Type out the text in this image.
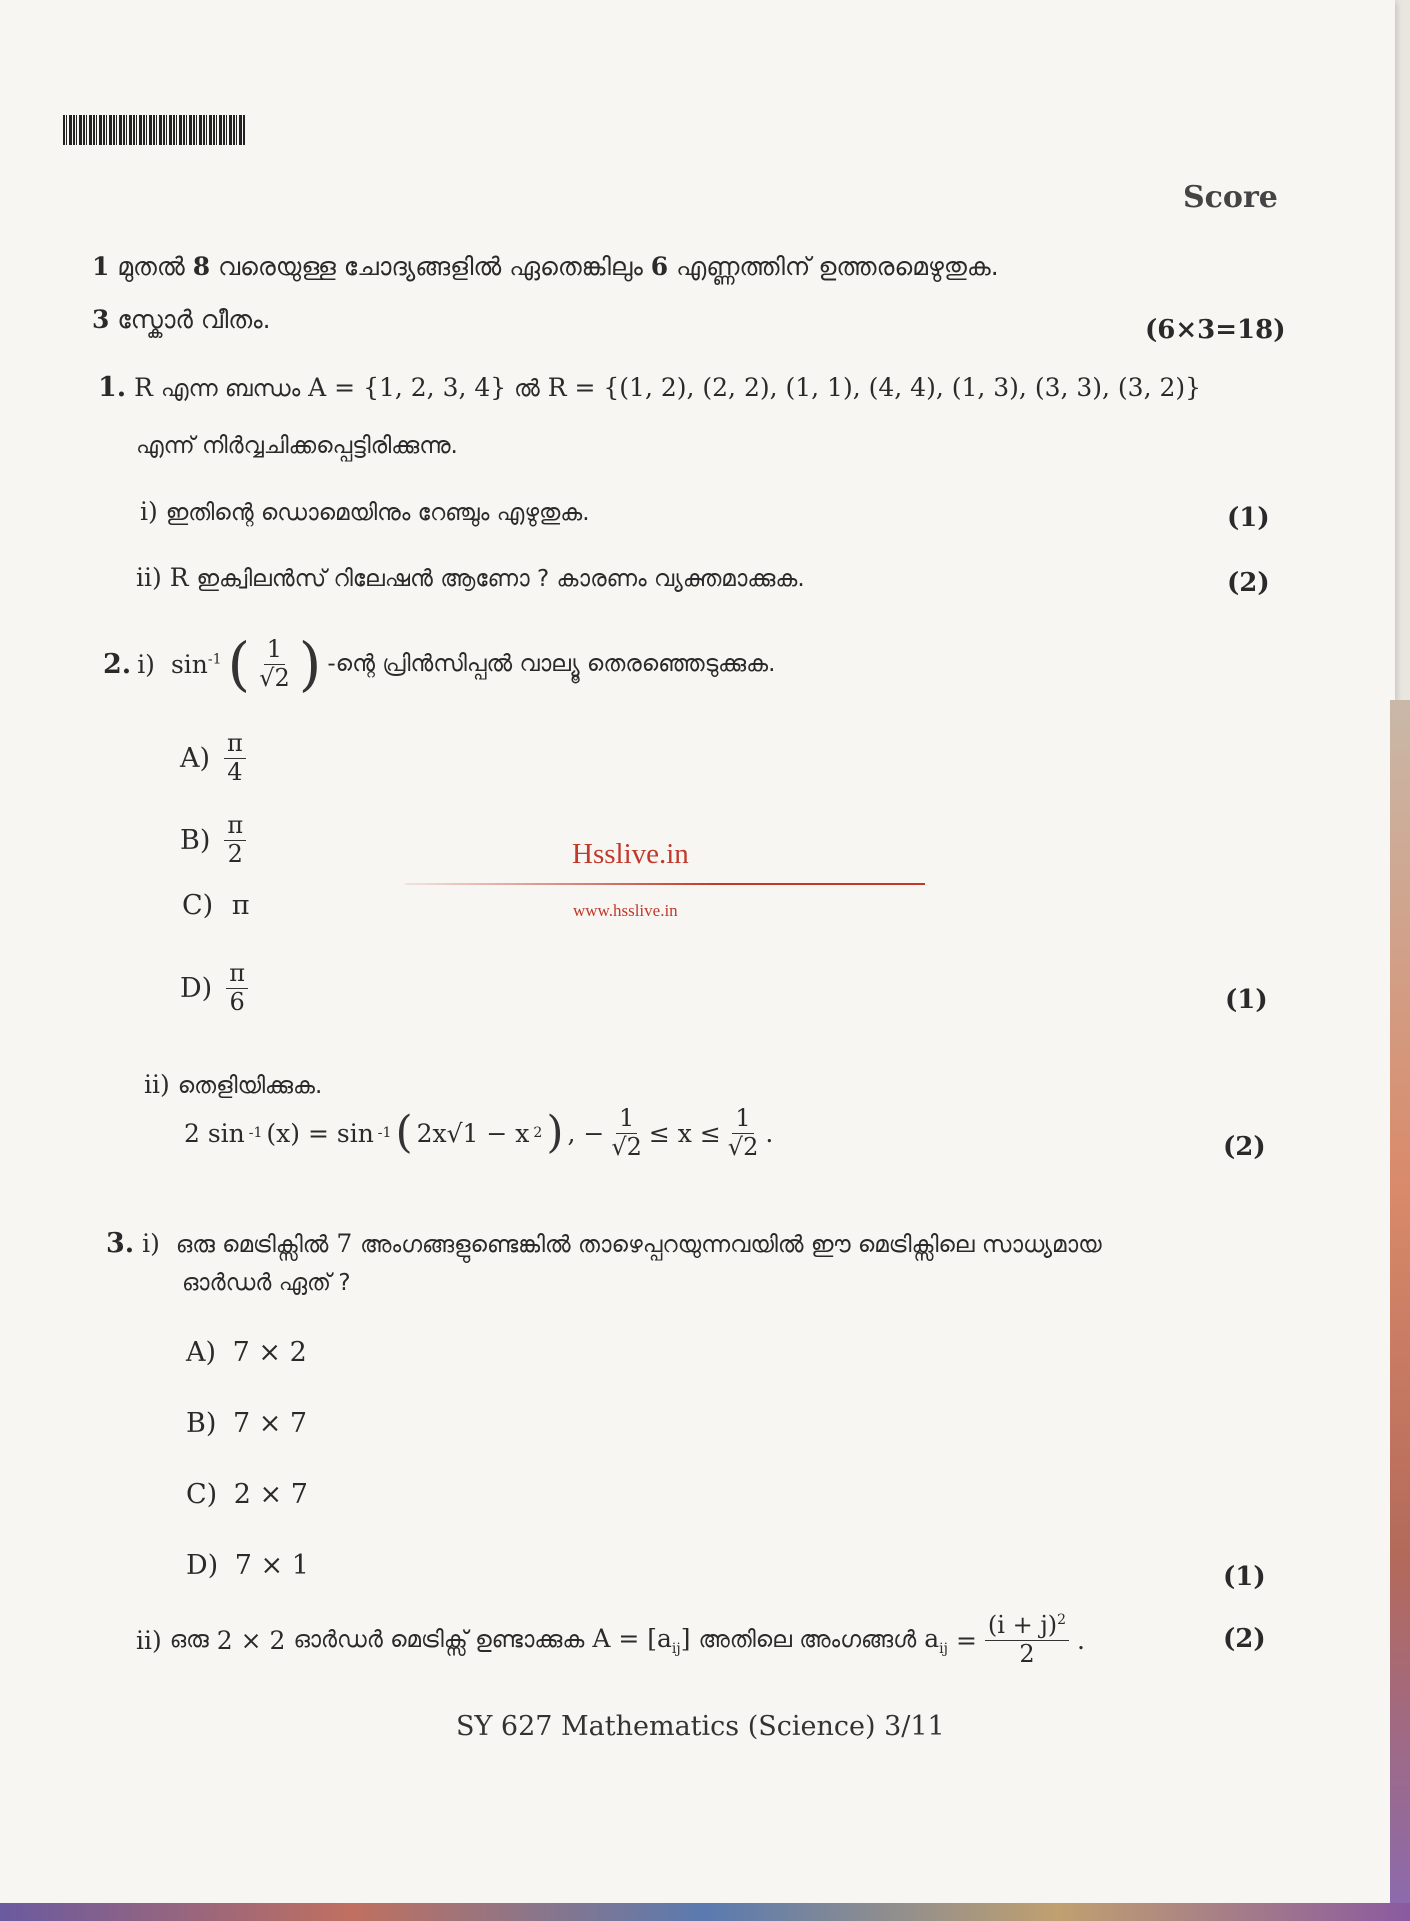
Score
1 മുതൽ 8 വരെയുള്ള ചോദ്യങ്ങളിൽ ഏതെങ്കിലും 6 എണ്ണത്തിന് ഉത്തരമെഴുതുക.
3 സ്കോർ വീതം.	(6×3=18)
1. R എന്ന ബന്ധം A = {1, 2, 3, 4} ൽ R = {(1, 2), (2, 2), (1, 1), (4, 4), (1, 3), (3, 3), (3, 2)}
എന്ന് നിർവ്വചിക്കപ്പെട്ടിരിക്കുന്നു.
i) ഇതിന്റെ ഡൊമെയിനും റേഞ്ചും എഴുതുക.	(1)
ii) R ഇക്വിലൻസ് റിലേഷൻ ആണോ ? കാരണം വ്യക്തമാക്കുക.	(2)
2. i) $\sin^{-1}$ ( $\frac{1}{√2}$ ) -ന്റെ പ്രിൻസിപ്പൽ വാല്യൂ തെരഞ്ഞെടുക്കുക.
$A) \frac{\pi}{4}$
$B) \frac{\pi}{2}$
C) π
$D) \frac{\pi}{6}$	(1)
Hsslive.in
www.hsslive.in
ii) തെളിയിക്കുക.
2 sin -1 (x) = sin -1 ( 2x√1 − x 2 ) , − $\frac{1}{√2} \le x \le \frac{1}{√2}$ .	(2)
3. i) ഒരു മെട്രിക്സിൽ 7 അംഗങ്ങളുണ്ടെങ്കിൽ താഴെപ്പറയുന്നവയിൽ ഈ മെട്രിക്സിലെ സാധ്യമായ
ഓർഡർ ഏത് ?
A) 7 × 2
B) 7 × 7
C) 2 × 7
D) 7 × 1	(1)
ii) ഒരു 2 × 2 ഓർഡർ മെട്രിക്സ് ഉണ്ടാക്കുക $A = [a_{ij}]$ അതിലെ അംഗങ്ങൾ $a_{ij} = \frac{(i + j)^2}{2}$ .	(2)
SY 627 Mathematics (Science) 3/11
